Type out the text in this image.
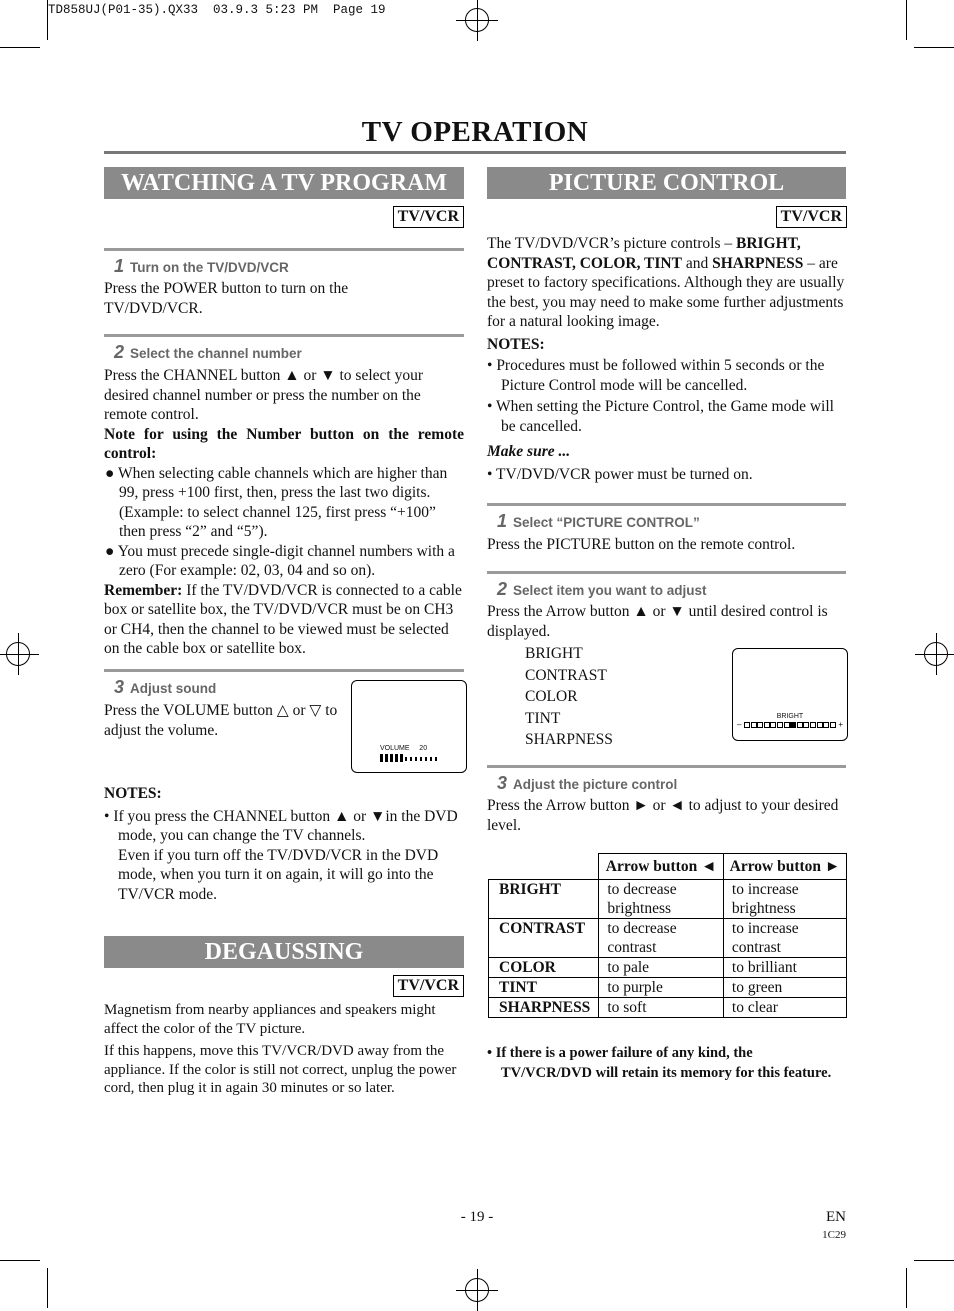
TD858UJ(P01-35).QX33  03.9.3 5:23 PM  Page 19
TV OPERATION
WATCHING A TV PROGRAM
TV/VCR
1 Turn on the TV/DVD/VCR
Press the POWER button to turn on the TV/DVD/VCR.
2 Select the channel number

Press the CHANNEL button ▲ or ▼ to select your desired channel number or press the number on the remote control.

Note for using the Number button on the remote control:

● When selecting cable channels which are higher than 99, press +100 first, then, press the last two digits. (Example: to select channel 125, first press “+100” then press “2” and “5”).

● You must precede single-digit channel numbers with a zero (For example: 02, 03, 04 and so on).

Remember: If the TV/DVD/VCR is connected to a cable box or satellite box, the TV/DVD/VCR must be on CH3 or CH4, then the channel to be viewed must be selected on the cable box or satellite box.

3 Adjust sound
Press the VOLUME button △ or ▽ to adjust the volume.
VOLUME 20

NOTES:

• If you press the CHANNEL button ▲ or ▼in the DVD mode, you can change the TV channels.

Even if you turn off the TV/DVD/VCR in the DVD mode, when you turn it on again, it will go into the TV/VCR mode.

DEGAUSSING
TV/VCR

Magnetism from nearby appliances and speakers might affect the color of the TV picture.

If this happens, move this TV/VCR/DVD away from the appliance. If the color is still not correct, unplug the power cord, then plug it in again 30 minutes or so later.

PICTURE CONTROL
TV/VCR

The TV/DVD/VCR’s picture controls – BRIGHT, CONTRAST, COLOR, TINT and SHARPNESS – are preset to factory specifications. Although they are usually the best, you may need to make some further adjustments for a natural looking image.

NOTES:

• Procedures must be followed within 5 seconds or the Picture Control mode will be cancelled.

• When setting the Picture Control, the Game mode will be cancelled.

Make sure ...

• TV/DVD/VCR power must be turned on.

1 Select “PICTURE CONTROL”
Press the PICTURE button on the remote control.
2 Select item you want to adjust
Press the Arrow button ▲ or ▼ until desired control is displayed.
BRIGHT
CONTRAST
COLOR
TINT
SHARPNESS
BRIGHT
–	+
3 Adjust the picture control
Press the Arrow button ► or ◄ to adjust to your desired level.
	Arrow button ◄	Arrow button ►
BRIGHT	to decrease brightness	to increase brightness
CONTRAST	to decrease contrast	to increase contrast
COLOR	to pale	to brilliant
TINT	to purple	to green
SHARPNESS	to soft	to clear

• If there is a power failure of any kind, the TV/VCR/DVD will retain its memory for this feature.

- 19 -	EN
1C29
